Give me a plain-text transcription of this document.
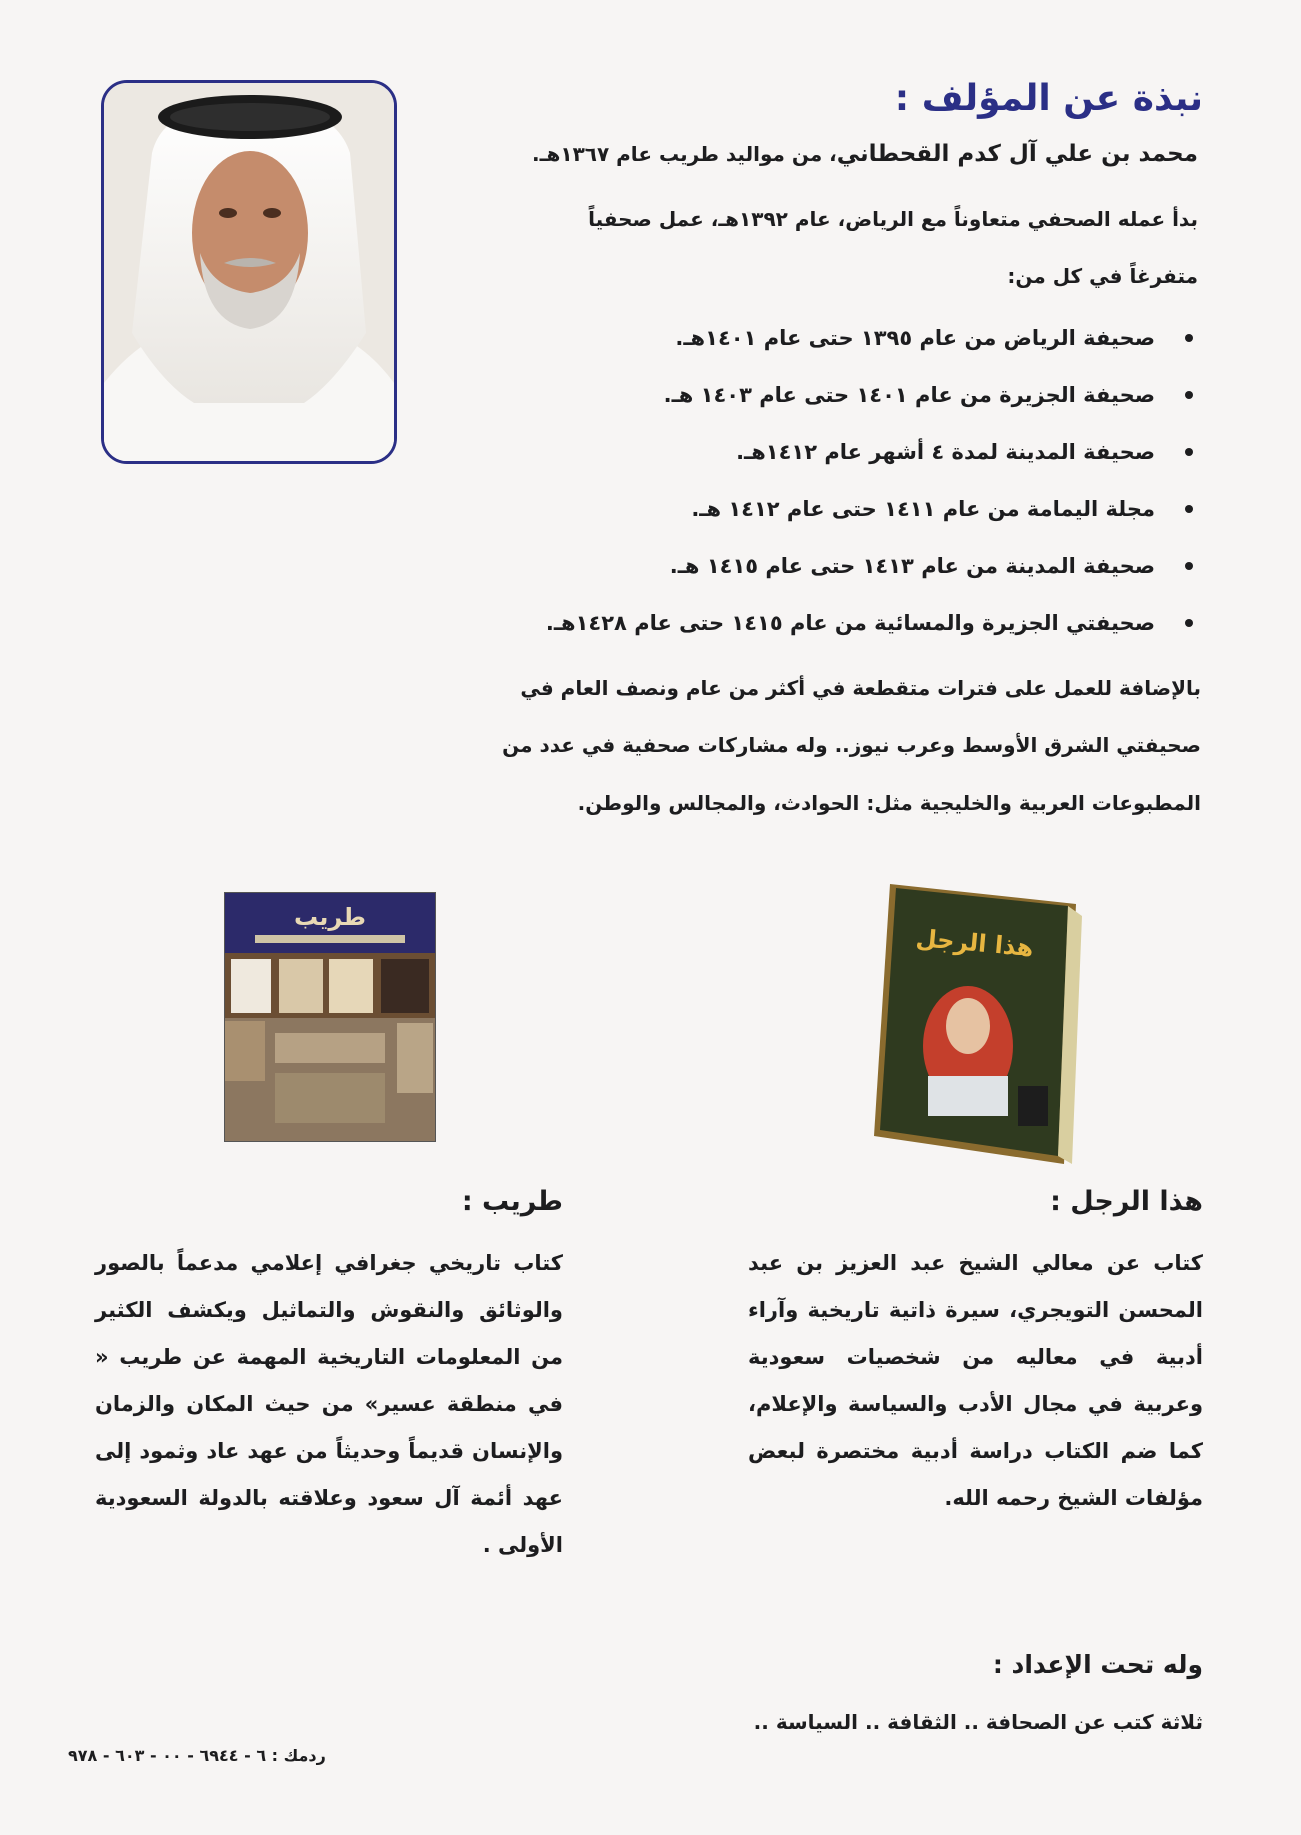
نبذة عن المؤلف :

محمد بن علي آل كدم القحطاني، من مواليد طريب عام ١٣٦٧هـ.

بدأ عمله الصحفي متعاوناً مع الرياض، عام ١٣٩٢هـ، عمل صحفياً

متفرغاً في كل من:

صحيفة الرياض من عام ١٣٩٥ حتى عام ١٤٠١هـ.
صحيفة الجزيرة من عام ١٤٠١ حتى عام ١٤٠٣ هـ.
صحيفة المدينة لمدة ٤ أشهر عام ١٤١٢هـ.
مجلة اليمامة من عام ١٤١١ حتى عام ١٤١٢ هـ.
صحيفة المدينة من عام ١٤١٣ حتى عام ١٤١٥ هـ.
صحيفتي الجزيرة والمسائية من عام ١٤١٥ حتى عام ١٤٢٨هـ.

بالإضافة للعمل على فترات متقطعة في أكثر من عام ونصف العام في

صحيفتي الشرق الأوسط وعرب نيوز.. وله مشاركات صحفية في عدد من

المطبوعات العربية والخليجية مثل: الحوادث، والمجالس والوطن.

طريب
هذا الرجل
هذا الرجل :

كتاب عن معالي الشيخ عبد العزيز بن عبد المحسن التويجري، سيرة ذاتية تاريخية وآراء أدبية في معاليه من شخصيات سعودية وعربية في مجال الأدب والسياسة والإعلام، كما ضم الكتاب دراسة أدبية مختصرة لبعض مؤلفات الشيخ رحمه الله.

طريب :

كتاب تاريخي جغرافي إعلامي مدعماً بالصور والوثائق والنقوش والتماثيل ويكشف الكثير من المعلومات التاريخية المهمة عن طريب « في منطقة عسير» من حيث المكان والزمان والإنسان قديماً وحديثاً من عهد عاد وثمود إلى عهد أئمة آل سعود وعلاقته بالدولة السعودية الأولى .

وله تحت الإعداد :

ثلاثة كتب عن الصحافة .. الثقافة .. السياسة ..

ردمك : ٦ - ٦٩٤٤ - ٠٠ - ٦٠٣ - ٩٧٨
